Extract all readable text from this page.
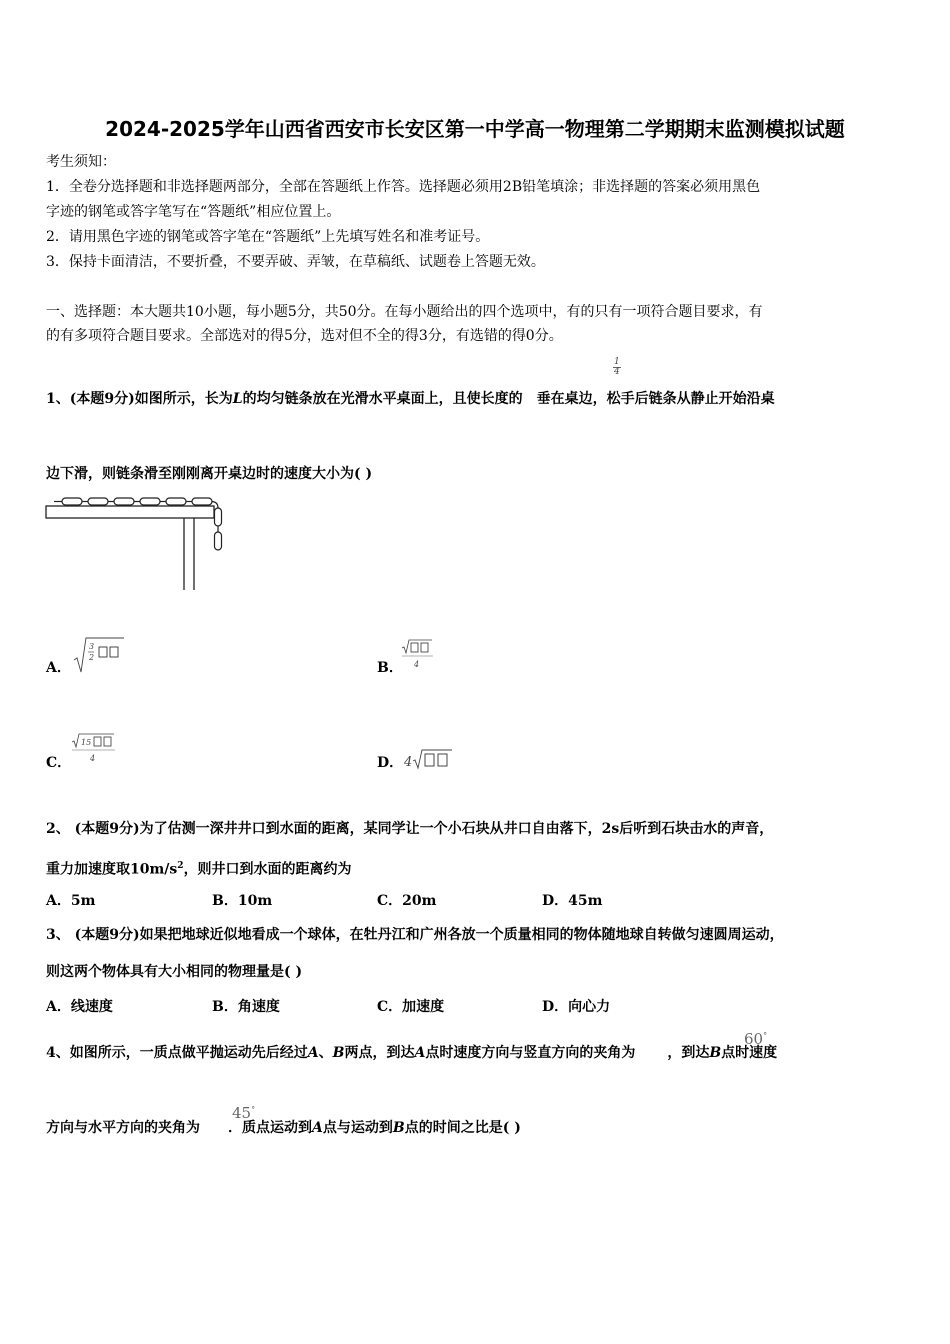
2024-2025学年山西省西安市长安区第一中学高一物理第二学期期末监测模拟试题
考生须知：
1．全卷分选择题和非选择题两部分，全部在答题纸上作答。选择题必须用2B铅笔填涂；非选择题的答案必须用黑色
字迹的钢笔或答字笔写在“答题纸”相应位置上。
2．请用黑色字迹的钢笔或答字笔在“答题纸”上先填写姓名和准考证号。
3．保持卡面清洁，不要折叠，不要弄破、弄皱，在草稿纸、试题卷上答题无效。
一、选择题：本大题共10小题，每小题5分，共50分。在每小题给出的四个选项中，有的只有一项符合题目要求，有
的有多项符合题目要求。全部选对的得5分，选对但不全的得3分，有选错的得0分。
1、(本题9分)如图所示，长为L的均匀链条放在光滑水平桌面上，且使长度的 垂在桌边，松手后链条从静止开始沿桌
$\frac{1}{4}$
边下滑，则链条滑至刚刚离开桌边时的速度大小为( )
A．
3
2
B． 4
C．
15
4	D． 4
2、 (本题9分)为了估测一深井井口到水面的距离，某同学让一个小石块从井口自由落下，2s后听到石块击水的声音，
重力加速度取$10m/s^2$，则井口到水面的距离约为
A．5m	B．10m	C．20m	D．45m
3、 (本题9分)如果把地球近似地看成一个球体，在牡丹江和广州各放一个质量相同的物体随地球自转做匀速圆周运动，
则这两个物体具有大小相同的物理量是( )
A．线速度	B．角速度	C．加速度	D．向心力
4、如图所示，一质点做平抛运动先后经过A、B两点，到达A点时速度方向与竖直方向的夹角为 ，到达B点时速度
60°
方向与水平方向的夹角为 ．质点运动到A点与运动到B点的时间之比是( )
45°
